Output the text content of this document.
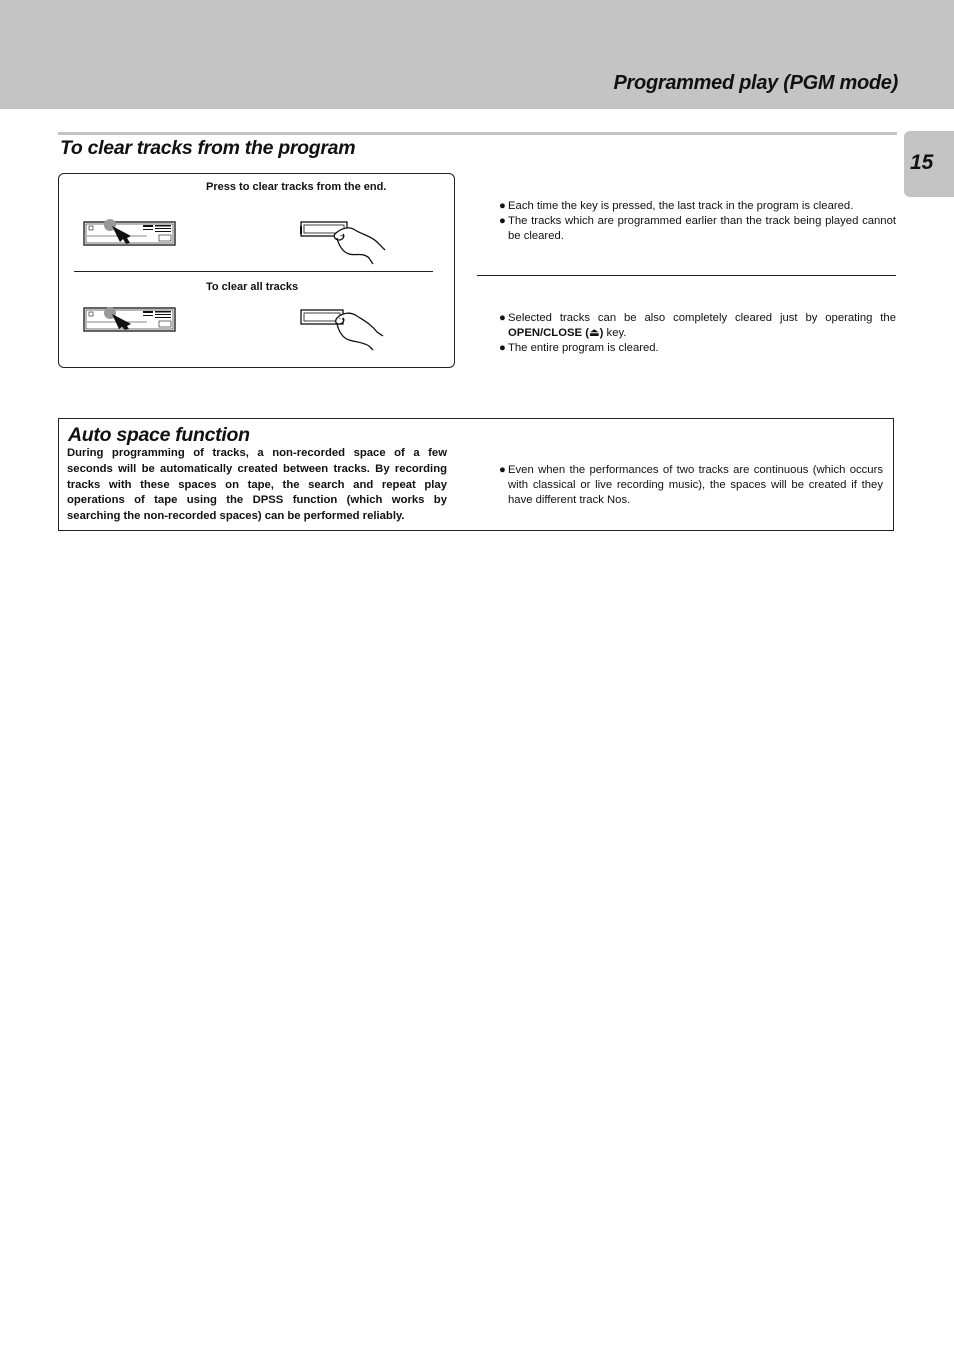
Programmed play (PGM mode)
15
To clear tracks from the program
Press to clear tracks from the end.
To clear all tracks
● Each time the key is pressed, the last track in the program is cleared.
● The tracks which are programmed earlier than the track being played cannot be cleared.
● Selected tracks can be also completely cleared just by operating the OPEN/CLOSE (⏏) key.
● The entire program is cleared.
Auto space function
During programming of tracks, a non-recorded space of a few seconds will be automatically created between tracks. By recording tracks with these spaces on tape, the search and repeat play operations of tape using the DPSS function (which works by searching the non-recorded spaces) can be performed reliably.
● Even when the performances of two tracks are continuous (which occurs with classical or live recording music), the spaces will be created if they have different track Nos.
